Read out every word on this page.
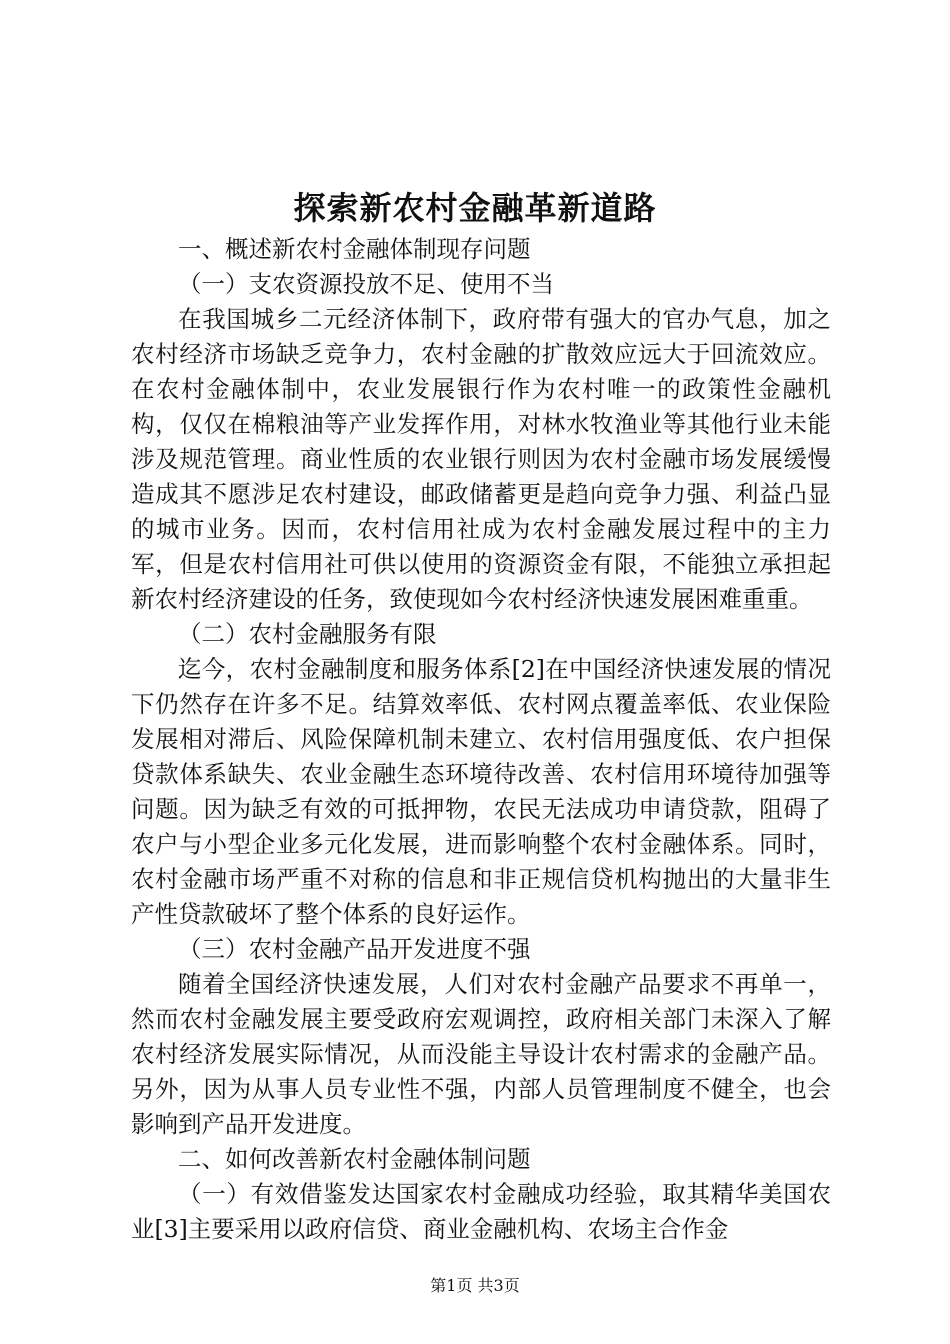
探索新农村金融革新道路

一、概述新农村金融体制现存问题

（一）支农资源投放不足、使用不当

在我国城乡二元经济体制下，政府带有强大的官办气息，加之农村经济市场缺乏竞争力，农村金融的扩散效应远大于回流效应。在农村金融体制中，农业发展银行作为农村唯一的政策性金融机构，仅仅在棉粮油等产业发挥作用，对林水牧渔业等其他行业未能涉及规范管理。商业性质的农业银行则因为农村金融市场发展缓慢造成其不愿涉足农村建设，邮政储蓄更是趋向竞争力强、利益凸显的城市业务。因而，农村信用社成为农村金融发展过程中的主力军，但是农村信用社可供以使用的资源资金有限，不能独立承担起新农村经济建设的任务，致使现如今农村经济快速发展困难重重。

（二）农村金融服务有限

迄今，农村金融制度和服务体系[2]在中国经济快速发展的情况下仍然存在许多不足。结算效率低、农村网点覆盖率低、农业保险发展相对滞后、风险保障机制未建立、农村信用强度低、农户担保贷款体系缺失、农业金融生态环境待改善、农村信用环境待加强等问题。因为缺乏有效的可抵押物，农民无法成功申请贷款，阻碍了农户与小型企业多元化发展，进而影响整个农村金融体系。同时，农村金融市场严重不对称的信息和非正规信贷机构抛出的大量非生产性贷款破坏了整个体系的良好运作。

（三）农村金融产品开发进度不强

随着全国经济快速发展，人们对农村金融产品要求不再单一，然而农村金融发展主要受政府宏观调控，政府相关部门未深入了解农村经济发展实际情况，从而没能主导设计农村需求的金融产品。另外，因为从事人员专业性不强，内部人员管理制度不健全，也会影响到产品开发进度。

二、如何改善新农村金融体制问题

（一）有效借鉴发达国家农村金融成功经验，取其精华美国农业[3]主要采用以政府信贷、商业金融机构、农场主合作金

第1页 共3页
